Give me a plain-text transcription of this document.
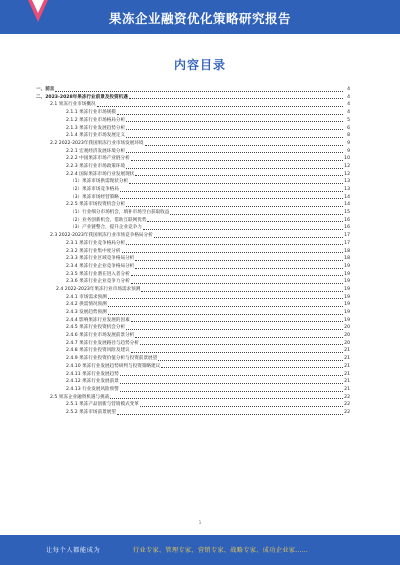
果冻企业融资优化策略研究报告
内容目录
一、前言	4
二、2023-2028年果冻行业前景及投资机遇	4
2.1 果冻行业市场概况	4
2.1.1 果冻行业市场规模	4
2.1.2 果冻行业市场格局分析	5
2.1.3 果冻行业发展趋势分析	6
2.1.4 果冻行业市场发展定义	8
2.2 2022-2023年我国果冻行业市场发展环境	9
2.2.1 宏观经济发展环境分析	9
2.2.2 中国果冻市场产业链分析	10
2.2.3 果冻行业市场政策环境	12
2.2.4 国际果冻市场行业发展现状	12
（1）果冻市场供需现状分析	13
（2）果冻市场竞争格局	13
（3）果冻市场经营策略	14
2.2.5 果冻市场投资机会分析	14
（1）行业细分市场机会，填补市场空白获取收益	15
（2）业务创新机会，借助互联网优势	16
（3）产业链整合，提升企业竞争力	16
2.3 2022-2023年我国果冻行业市场竞争格局分析	17
2.3.1 果冻行业竞争格局分析	17
2.3.2 果冻行业集中度分析	18
2.3.3 果冻行业区域竞争格局分析	18
2.3.4 果冻行业企业竞争格局分析	19
2.3.5 果冻行业潜在进入者分析	19
2.3.6 果冻行业企业竞争力分析	19
2.4 2022-2023年果冻行业市场需求预测	19
2.4.1 市场需求预测	19
2.4.2 供需情况预测	19
2.4.3 发展趋势预测	19
2.4.4 影响果冻行业发展的因素	19
2.4.5 果冻行业投资机会分析	20
2.4.6 果冻行业市场发展前景分析	20
2.4.7 果冻行业发展路径与趋势分析	20
2.4.8 果冻行业投资风险及建议	21
2.4.9 果冻行业投资价值分析与投资前景展望	21
2.4.10 果冻行业发展趋势研判与投资策略建议	21
2.4.11 果冻行业发展趋势	21
2.4.12 果冻行业发展前景	21
2.4.13 行业发展风险预警	21
2.5 果冻企业融资机遇与挑战	22
2.5.1 果冻产品创新与营销模式变革	22
2.5.2 果冻市场前景展望	22
1
让每个人都能成为	行业专家、管理专家、营销专家、战略专家、成功企业家……
